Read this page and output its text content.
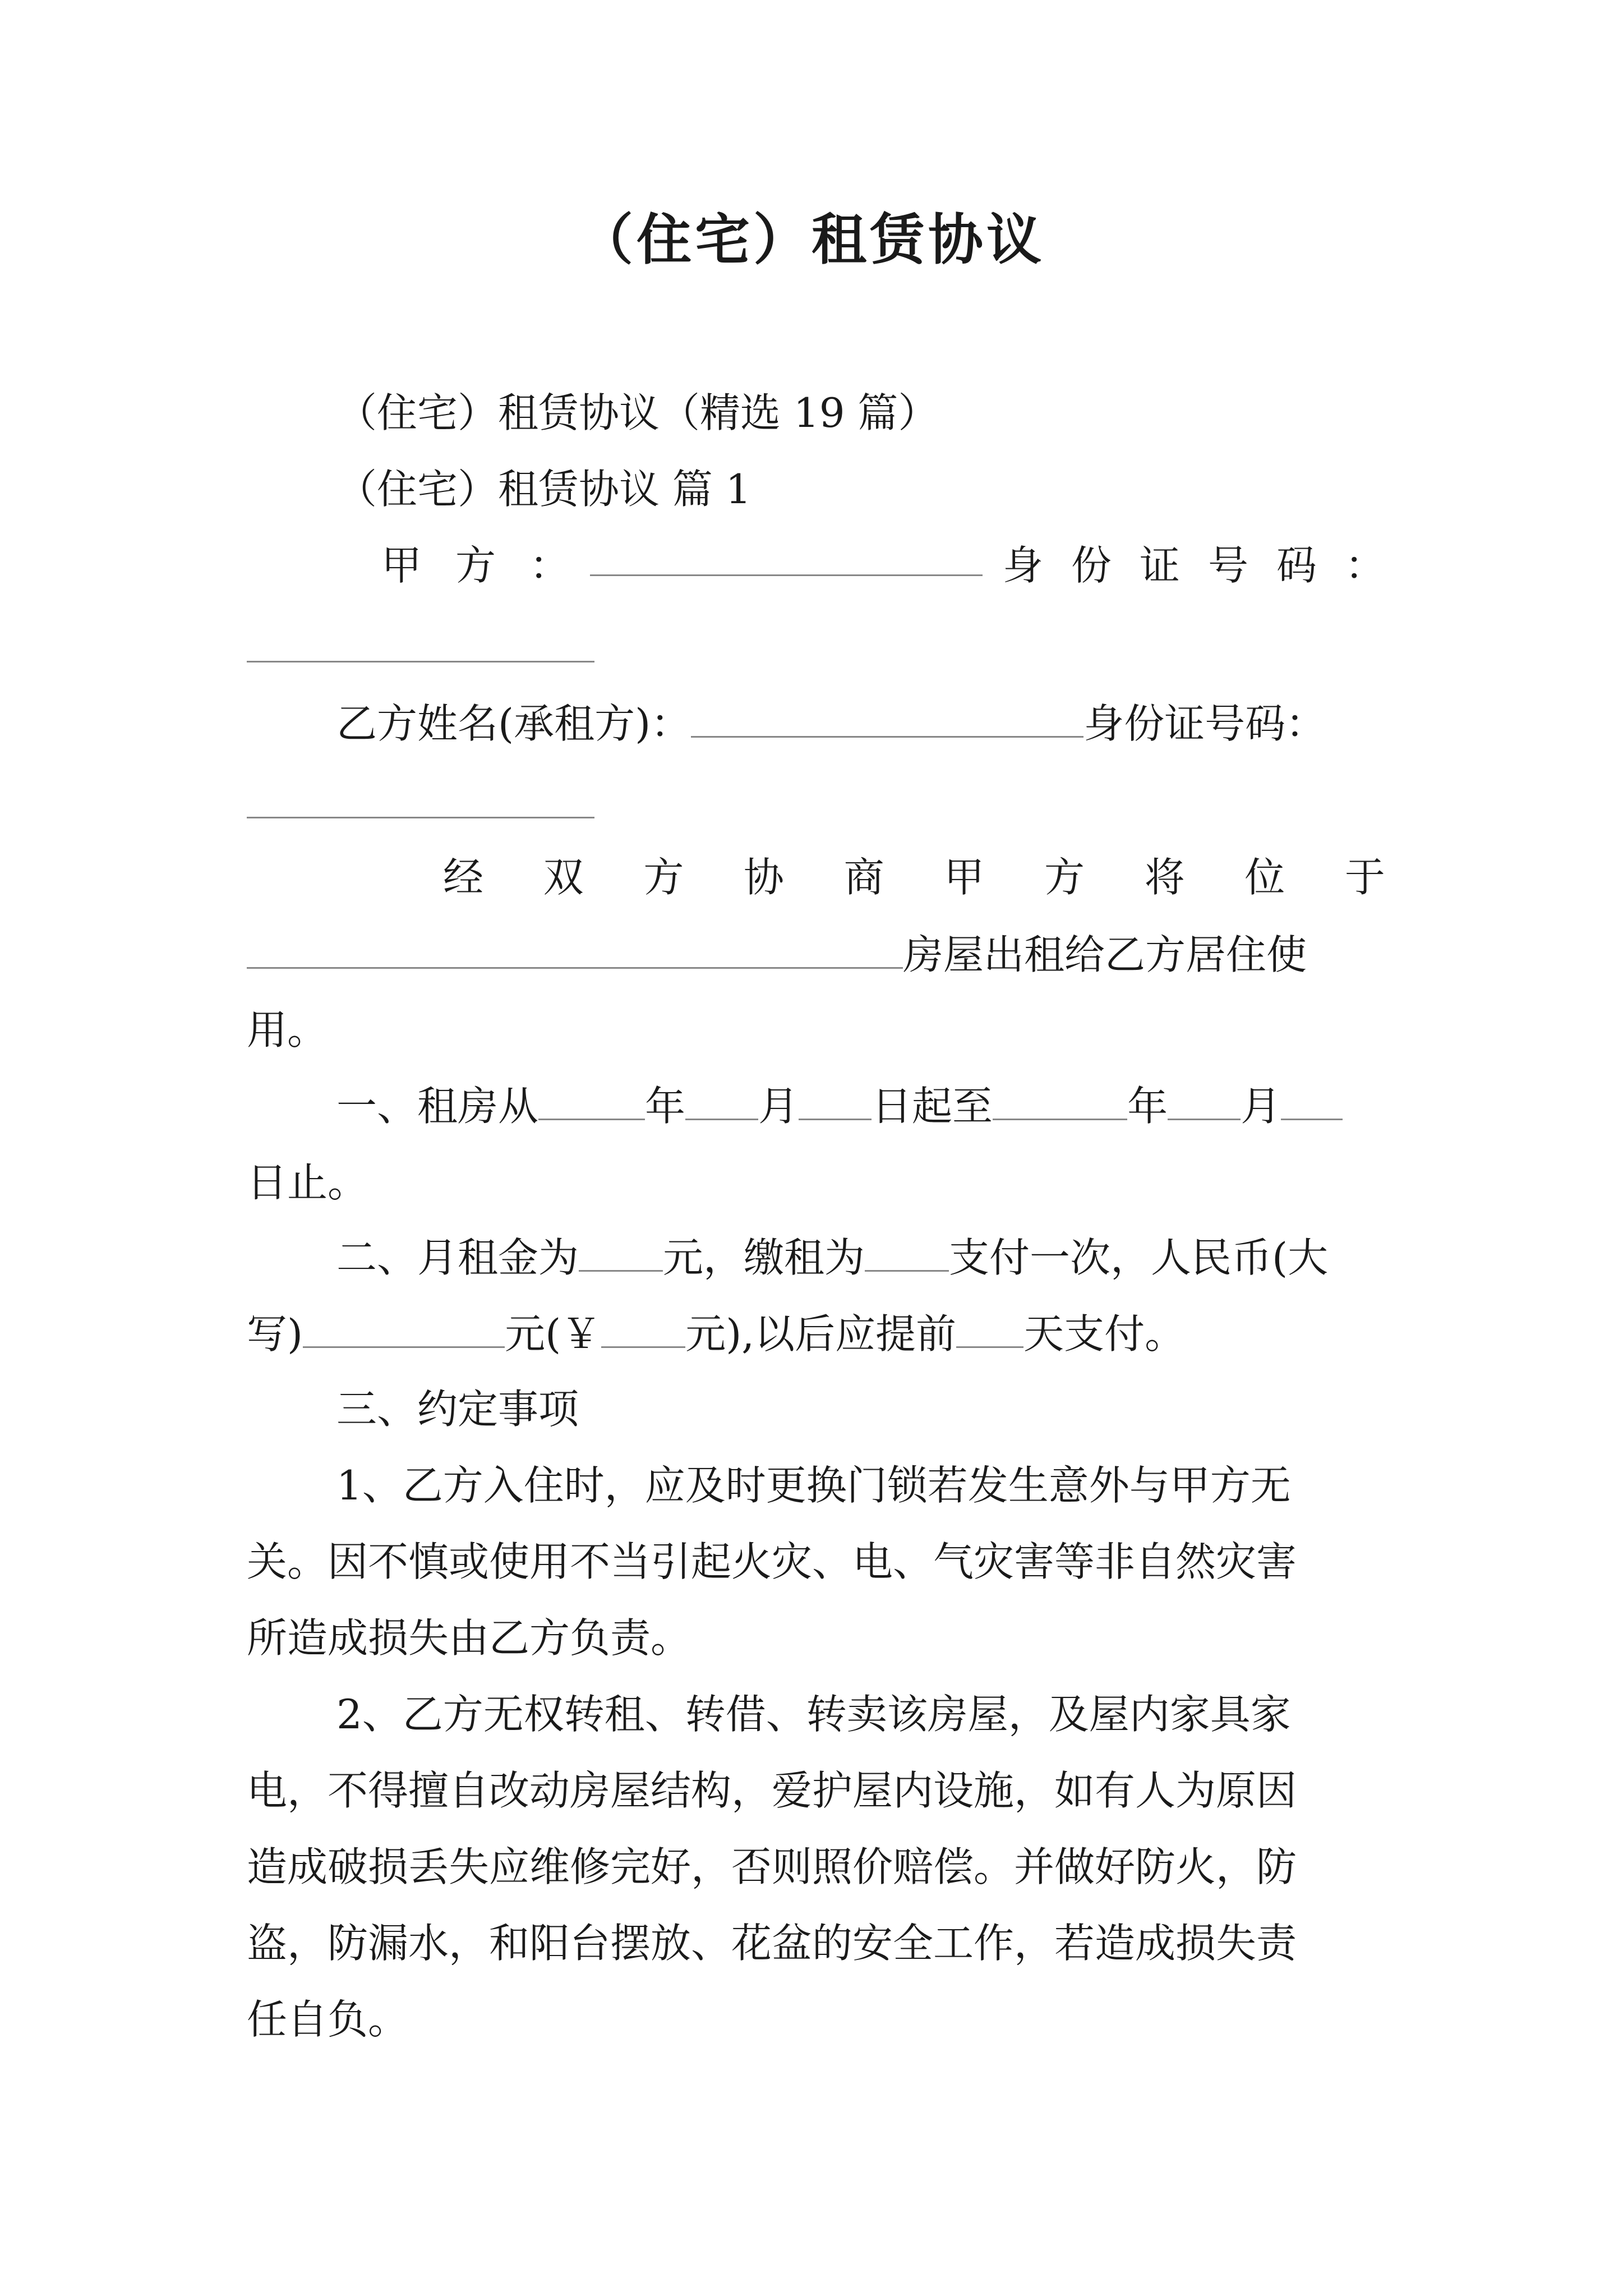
（住宅）租赁协议
（住宅）租赁协议（精选 19 篇）
（住宅）租赁协议 篇 1
甲 方 ：	身 份 证 号 码 ：
乙方姓名(承租方)：	身份证号码：
经 双 方 协 商 甲 方 将 位 于
房屋出租给乙方居住使
用。
一、租房从	年 月 日起至	年 月
日止。
二、月租金为 元，缴租为 支付一次，人民币(大
写)	元(￥ 元),以后应提前 天支付。
三、约定事项
1、乙方入住时，应及时更换门锁若发生意外与甲方无
关。因不慎或使用不当引起火灾、电、气灾害等非自然灾害
所造成损失由乙方负责。
2、乙方无权转租、转借、转卖该房屋，及屋内家具家
电，不得擅自改动房屋结构，爱护屋内设施，如有人为原因
造成破损丢失应维修完好，否则照价赔偿。并做好防火，防
盗，防漏水，和阳台摆放、花盆的安全工作，若造成损失责
任自负。
